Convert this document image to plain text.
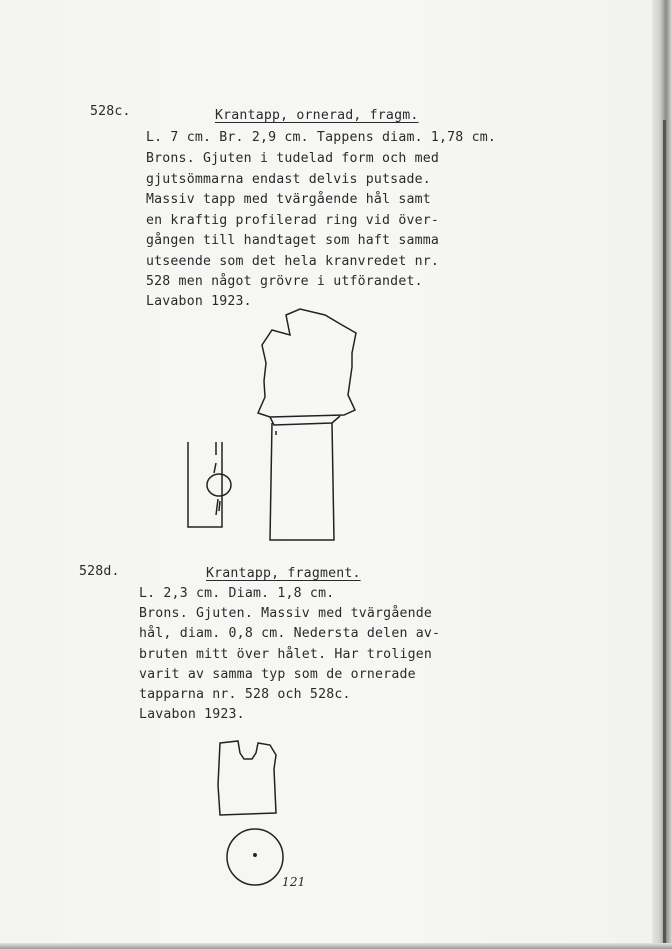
528c.	Krantapp, ornerad, fragm.
L. 7 cm. Br. 2,9 cm. Tappens diam. 1,78 cm.
Brons. Gjuten i tudelad form och med
gjutsömmarna endast delvis putsade.
Massiv tapp med tvärgående hål samt
en kraftig profilerad ring vid över-
gången till handtaget som haft samma
utseende som det hela kranvredet nr.
528 men något grövre i utförandet.
Lavabon 1923.
528d.	Krantapp, fragment.
L. 2,3 cm. Diam. 1,8 cm.
Brons. Gjuten. Massiv med tvärgående
hål, diam. 0,8 cm. Nedersta delen av-
bruten mitt över hålet. Har troligen
varit av samma typ som de ornerade
tapparna nr. 528 och 528c.
Lavabon 1923.
121
